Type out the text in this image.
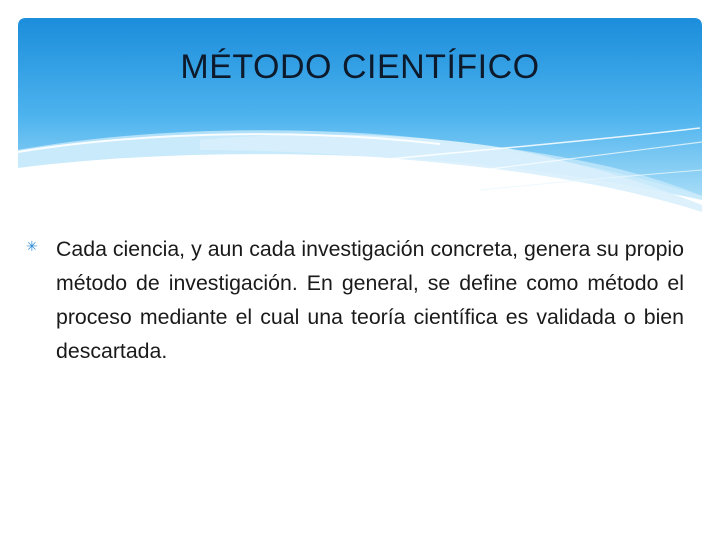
MÉTODO CIENTÍFICO
✳ Cada ciencia, y aun cada investigación concreta, genera su propio método de investigación. En general, se define como método el proceso mediante el cual una teoría científica es validada o bien descartada.
